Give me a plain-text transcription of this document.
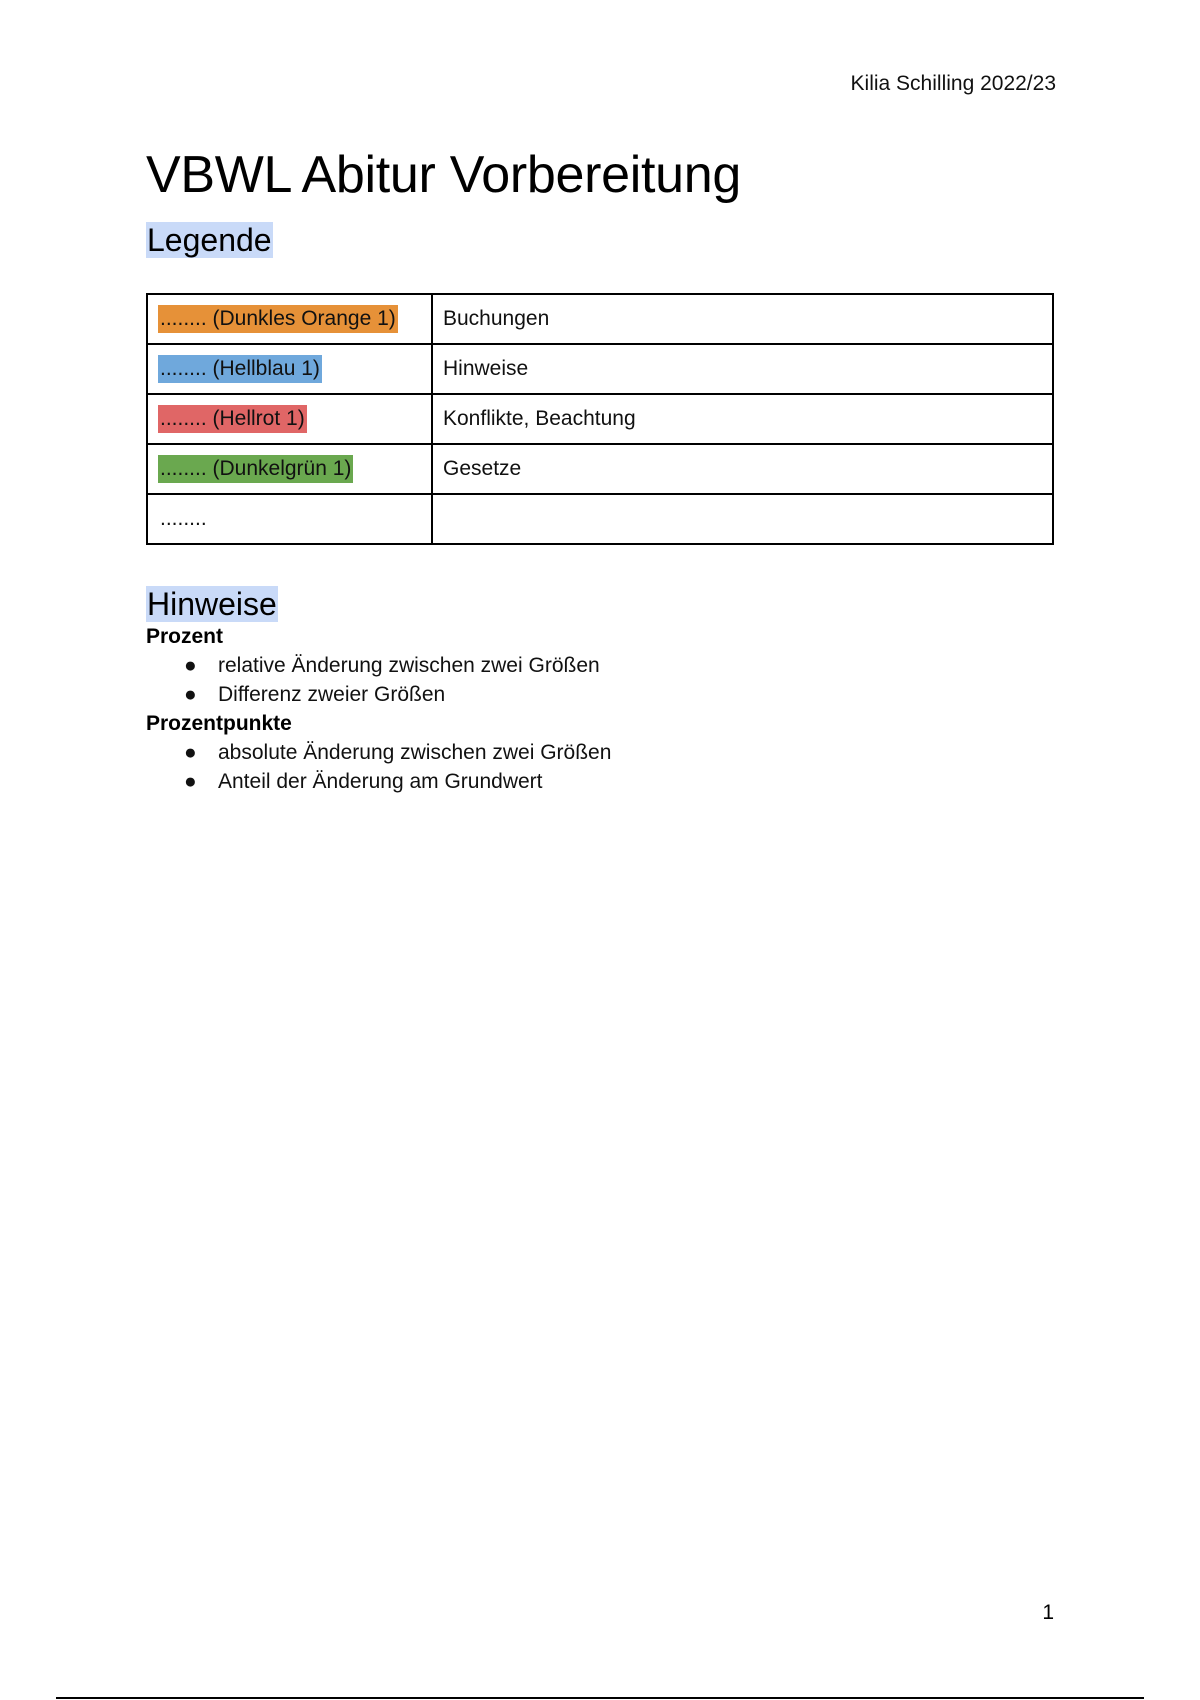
Kilia Schilling 2022/23
VBWL Abitur Vorbereitung
Legende
........ (Dunkles Orange 1)	Buchungen
........ (Hellblau 1)	Hinweise
........ (Hellrot 1)	Konflikte, Beachtung
........ (Dunkelgrün 1)	Gesetze
........	
Hinweise

Prozent

● relative Änderung zwischen zwei Größen
● Differenz zweier Größen

Prozentpunkte

● absolute Änderung zwischen zwei Größen
● Anteil der Änderung am Grundwert
1
